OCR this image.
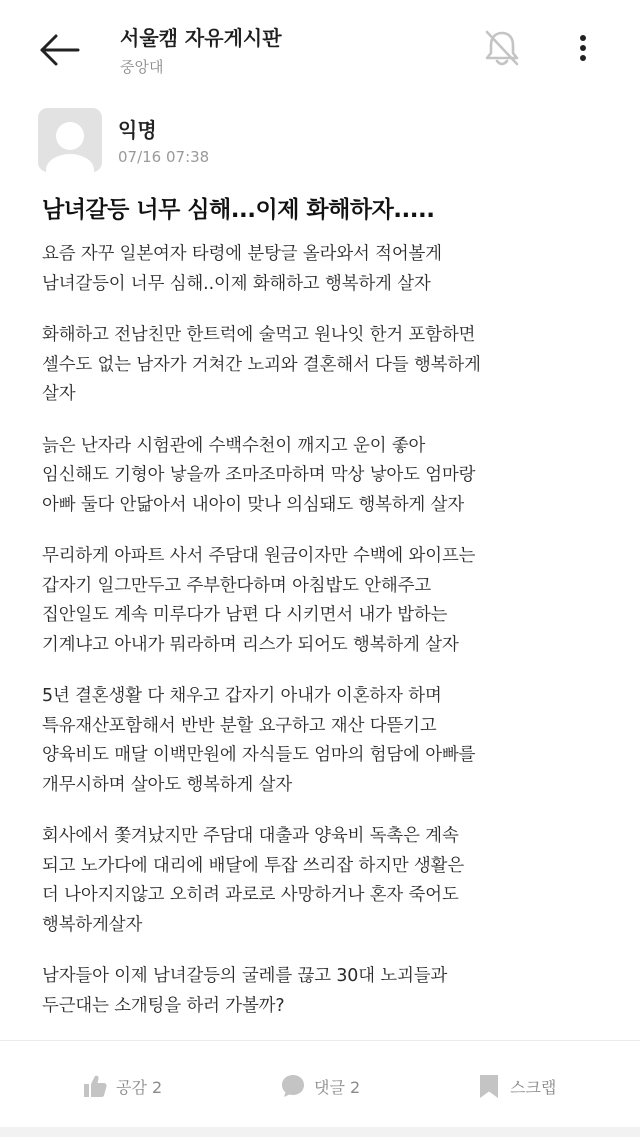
서울캠 자유게시판
중앙대
익명
07/16 07:38
남녀갈등 너무 심해...이제 화해하자.....
요즘 자꾸 일본여자 타령에 분탕글 올라와서 적어볼게
남녀갈등이 너무 심해..이제 화해하고 행복하게 살자
화해하고 전남친만 한트럭에 술먹고 원나잇 한거 포함하면
셀수도 없는 남자가 거쳐간 노괴와 결혼해서 다들 행복하게
살자
늙은 난자라 시험관에 수백수천이 깨지고 운이 좋아
임신해도 기형아 낳을까 조마조마하며 막상 낳아도 엄마랑
아빠 둘다 안닮아서 내아이 맞나 의심돼도 행복하게 살자
무리하게 아파트 사서 주담대 원금이자만 수백에 와이프는
갑자기 일그만두고 주부한다하며 아침밥도 안해주고
집안일도 계속 미루다가 남편 다 시키면서 내가 밥하는
기계냐고 아내가 뭐라하며 리스가 되어도 행복하게 살자
5년 결혼생활 다 채우고 갑자기 아내가 이혼하자 하며
특유재산포함해서 반반 분할 요구하고 재산 다뜯기고
양육비도 매달 이백만원에 자식들도 엄마의 험담에 아빠를
개무시하며 살아도 행복하게 살자
회사에서 쫓겨났지만 주담대 대출과 양육비 독촉은 계속
되고 노가다에 대리에 배달에 투잡 쓰리잡 하지만 생활은
더 나아지지않고 오히려 과로로 사망하거나 혼자 죽어도
행복하게살자
남자들아 이제 남녀갈등의 굴레를 끊고 30대 노괴들과
두근대는 소개팅을 하러 가볼까?
공감 2	댓글 2	스크랩
